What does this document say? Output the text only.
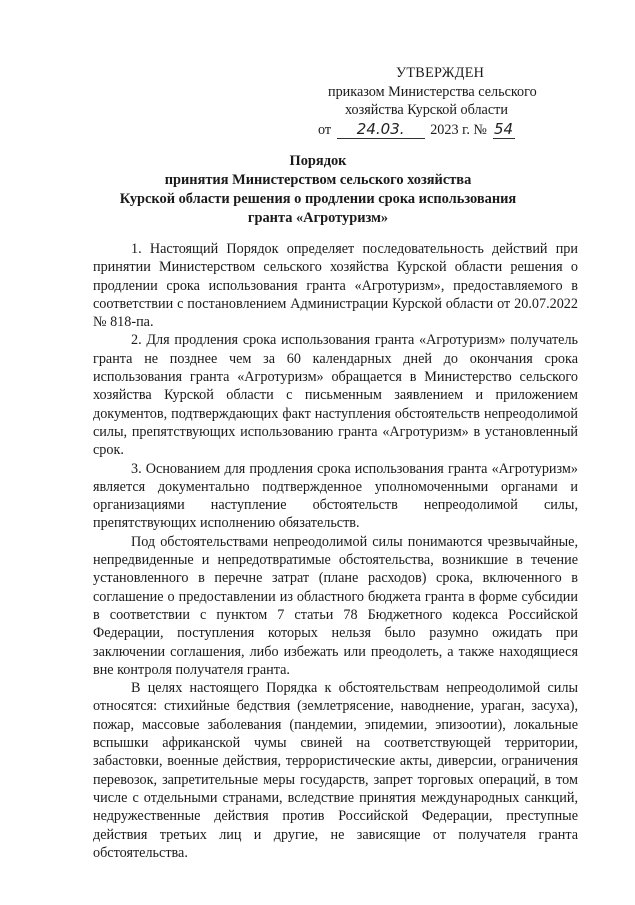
УТВЕРЖДЕН
приказом Министерства сельского
хозяйства Курской области
от 24.03. 2023 г. № 54
Порядок
принятия Министерством сельского хозяйства
Курской области решения о продлении срока использования
гранта «Агротуризм»

1. Настоящий Порядок определяет последовательность действий при принятии Министерством сельского хозяйства Курской области решения о продлении срока использования гранта «Агротуризм», предоставляемого в соответствии с постановлением Администрации Курской области от 20.07.2022 № 818-па.

2. Для продления срока использования гранта «Агротуризм» получатель гранта не позднее чем за 60 календарных дней до окончания срока использования гранта «Агротуризм» обращается в Министерство сельского хозяйства Курской области с письменным заявлением и приложением документов, подтверждающих факт наступления обстоятельств непреодолимой силы, препятствующих использованию гранта «Агротуризм» в установленный срок.

3. Основанием для продления срока использования гранта «Агротуризм» является документально подтвержденное уполномоченными органами и организациями наступление обстоятельств непреодолимой силы, препятствующих исполнению обязательств.

Под обстоятельствами непреодолимой силы понимаются чрезвычайные, непредвиденные и непредотвратимые обстоятельства, возникшие в течение установленного в перечне затрат (плане расходов) срока, включенного в соглашение о предоставлении из областного бюджета гранта в форме субсидии в соответствии с пунктом 7 статьи 78 Бюджетного кодекса Российской Федерации, поступления которых нельзя было разумно ожидать при заключении соглашения, либо избежать или преодолеть, а также находящиеся вне контроля получателя гранта.

В целях настоящего Порядка к обстоятельствам непреодолимой силы относятся: стихийные бедствия (землетрясение, наводнение, ураган, засуха), пожар, массовые заболевания (пандемии, эпидемии, эпизоотии), локальные вспышки африканской чумы свиней на соответствующей территории, забастовки, военные действия, террористические акты, диверсии, ограничения перевозок, запретительные меры государств, запрет торговых операций, в том числе с отдельными странами, вследствие принятия международных санкций, недружественные действия против Российской Федерации, преступные действия третьих лиц и другие, не зависящие от получателя гранта обстоятельства.
